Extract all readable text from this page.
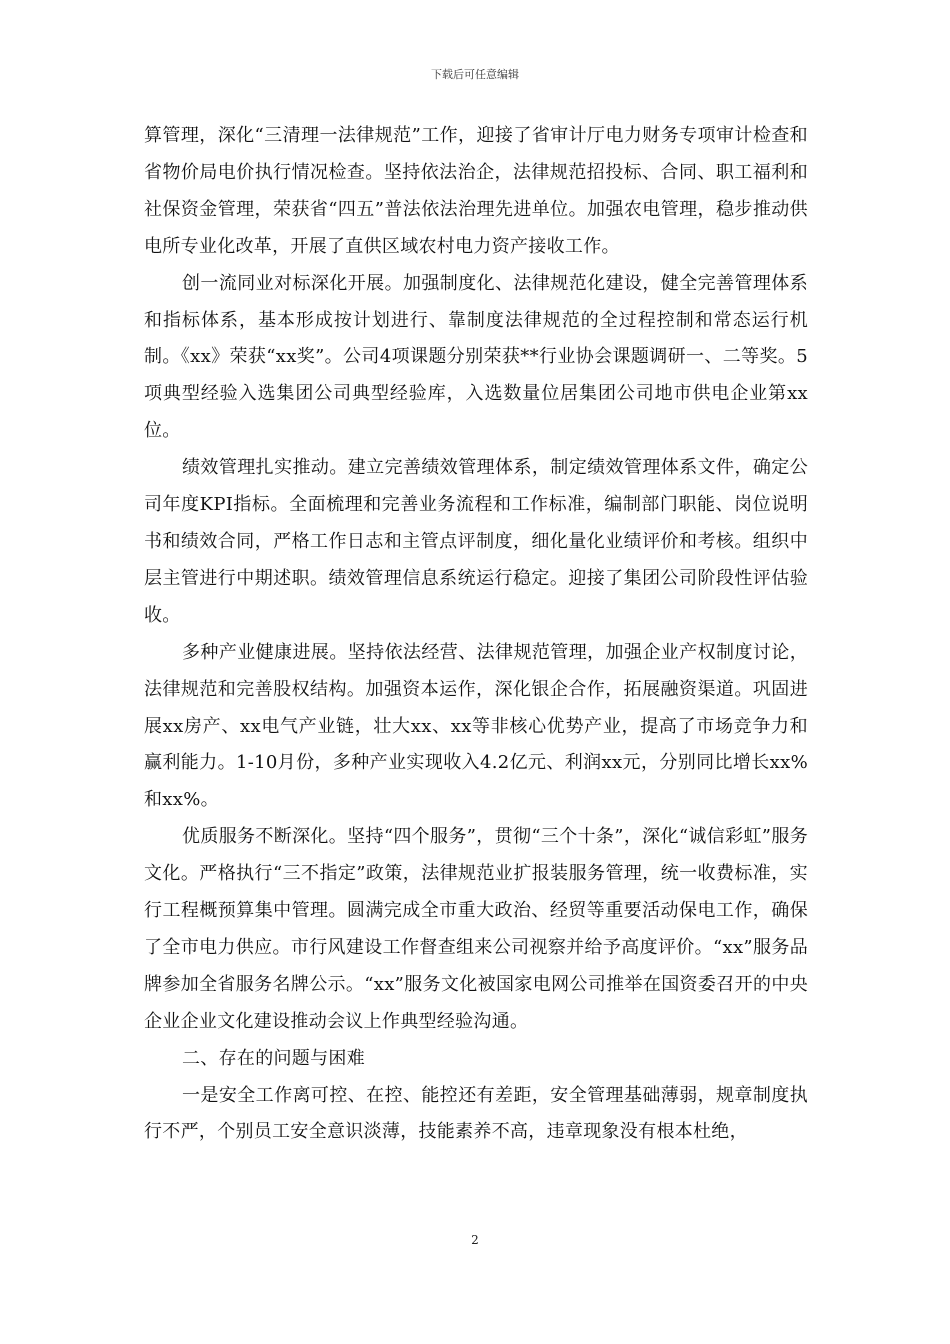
下载后可任意编辑

算管理，深化“三清理一法律规范”工作，迎接了省审计厅电力财务专项审计检查和省物价局电价执行情况检查。坚持依法治企，法律规范招投标、合同、职工福利和社保资金管理，荣获省“四五”普法依法治理先进单位。加强农电管理，稳步推动供电所专业化改革，开展了直供区域农村电力资产接收工作。

创一流同业对标深化开展。加强制度化、法律规范化建设，健全完善管理体系和指标体系，基本形成按计划进行、靠制度法律规范的全过程控制和常态运行机制。《xx》荣获“xx奖”。公司4项课题分别荣获**行业协会课题调研一、二等奖。5项典型经验入选集团公司典型经验库，入选数量位居集团公司地市供电企业第xx位。

绩效管理扎实推动。建立完善绩效管理体系，制定绩效管理体系文件，确定公司年度KPI指标。全面梳理和完善业务流程和工作标准，编制部门职能、岗位说明书和绩效合同，严格工作日志和主管点评制度，细化量化业绩评价和考核。组织中层主管进行中期述职。绩效管理信息系统运行稳定。迎接了集团公司阶段性评估验收。

多种产业健康进展。坚持依法经营、法律规范管理，加强企业产权制度讨论，法律规范和完善股权结构。加强资本运作，深化银企合作，拓展融资渠道。巩固进展xx房产、xx电气产业链，壮大xx、xx等非核心优势产业，提高了市场竞争力和赢利能力。1-10月份，多种产业实现收入4.2亿元、利润xx元，分别同比增长xx%和xx%。

优质服务不断深化。坚持“四个服务”，贯彻“三个十条”，深化“诚信彩虹”服务文化。严格执行“三不指定”政策，法律规范业扩报装服务管理，统一收费标准，实行工程概预算集中管理。圆满完成全市重大政治、经贸等重要活动保电工作，确保了全市电力供应。市行风建设工作督查组来公司视察并给予高度评价。“xx”服务品牌参加全省服务名牌公示。“xx”服务文化被国家电网公司推举在国资委召开的中央企业企业文化建设推动会议上作典型经验沟通。

二、存在的问题与困难

一是安全工作离可控、在控、能控还有差距，安全管理基础薄弱，规章制度执行不严，个别员工安全意识淡薄，技能素养不高，违章现象没有根本杜绝，

2
